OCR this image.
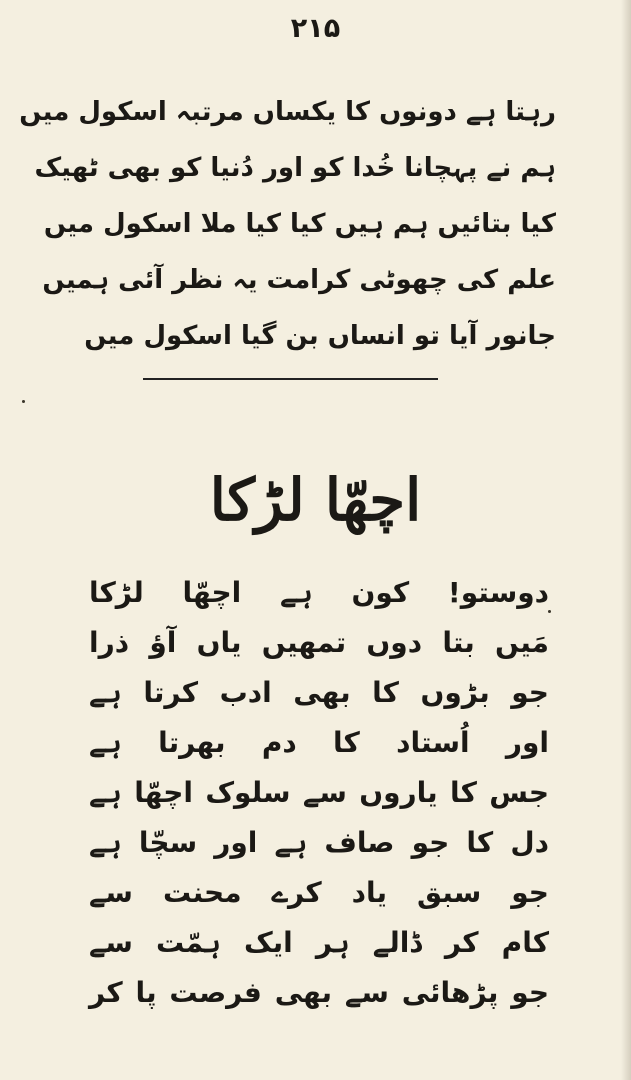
۲۱۵
رہتا ہے دونوں کا یکساں مرتبہ اسکول میں
ہم نے پہچانا خُدا کو اور دُنیا کو بھی ٹھیک
کیا بتائیں ہم ہیں کیا کیا ملا اسکول میں
علم کی چھوٹی کرامت یہ نظر آئی ہمیں
جانور آیا تو انساں بن گیا اسکول میں
اچھّا لڑکا
دوستو! کون ہے اچھّا لڑکا
مَیں بتا دوں تمھیں یاں آؤ ذرا
جو بڑوں کا بھی ادب کرتا ہے
اور اُستاد کا دم بھرتا ہے
جس کا یاروں سے سلوک اچھّا ہے
دل کا جو صاف ہے اور سچّا ہے
جو سبق یاد کرے محنت سے
کام کر ڈالے ہر ایک ہمّت سے
جو پڑھائی سے بھی فرصت پا کر
